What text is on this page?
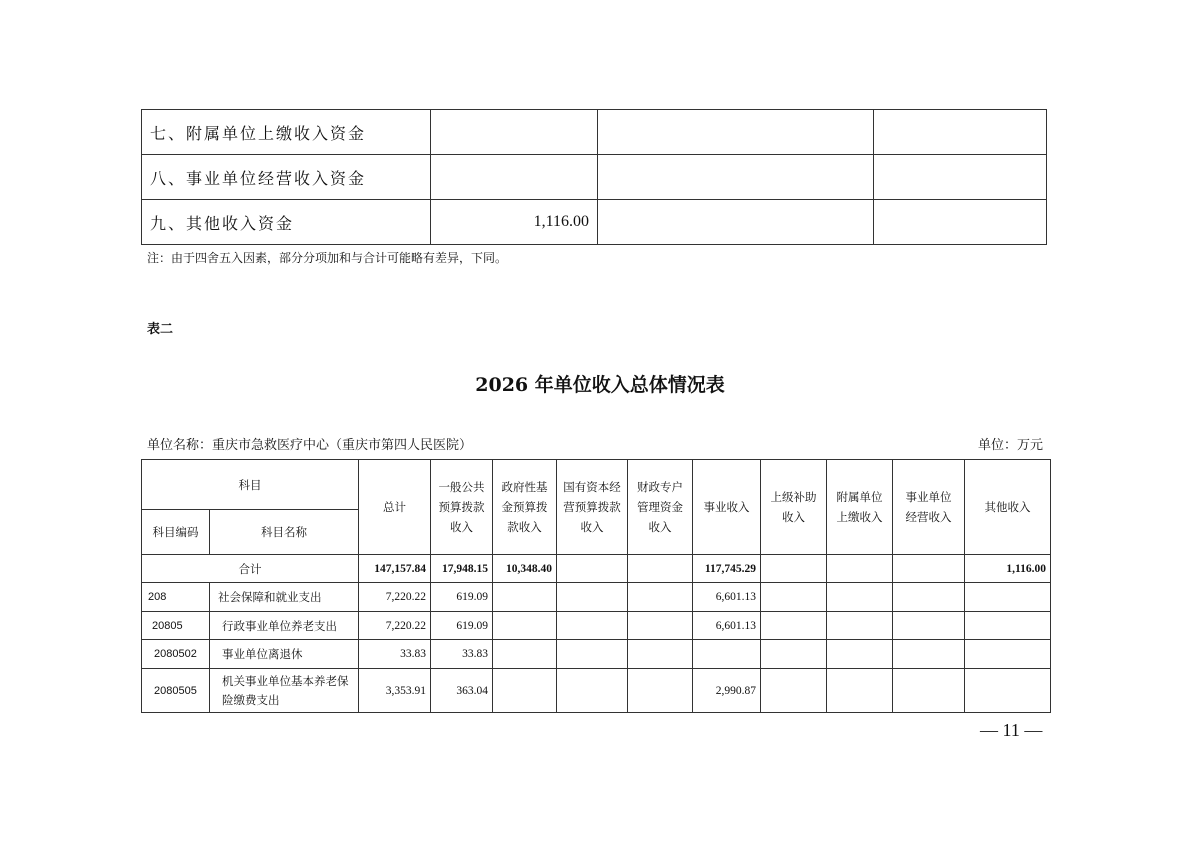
七、附属单位上缴收入资金			
八、事业单位经营收入资金			
九、其他收入资金	1,116.00		
注：由于四舍五入因素，部分分项加和与合计可能略有差异，下同。
表二
2026 年单位收入总体情况表
单位名称：重庆市急救医疗中心（重庆市第四人民医院）	单位：万元
科目		总计	一般公共预算拨款收入	政府性基金预算拨款收入	国有资本经营预算拨款收入	财政专户管理资金收入	事业收入	上级补助收入	附属单位上缴收入	事业单位经营收入	其他收入
科目编码	科目名称										
合计		147,157.84	17,948.15	10,348.40			117,745.29				1,116.00
208	社会保障和就业支出	7,220.22	619.09				6,601.13				
20805	行政事业单位养老支出	7,220.22	619.09				6,601.13				
2080502	事业单位离退休	33.83	33.83								
2080505	机关事业单位基本养老保险缴费支出	3,353.91	363.04				2,990.87				
— 11 —
